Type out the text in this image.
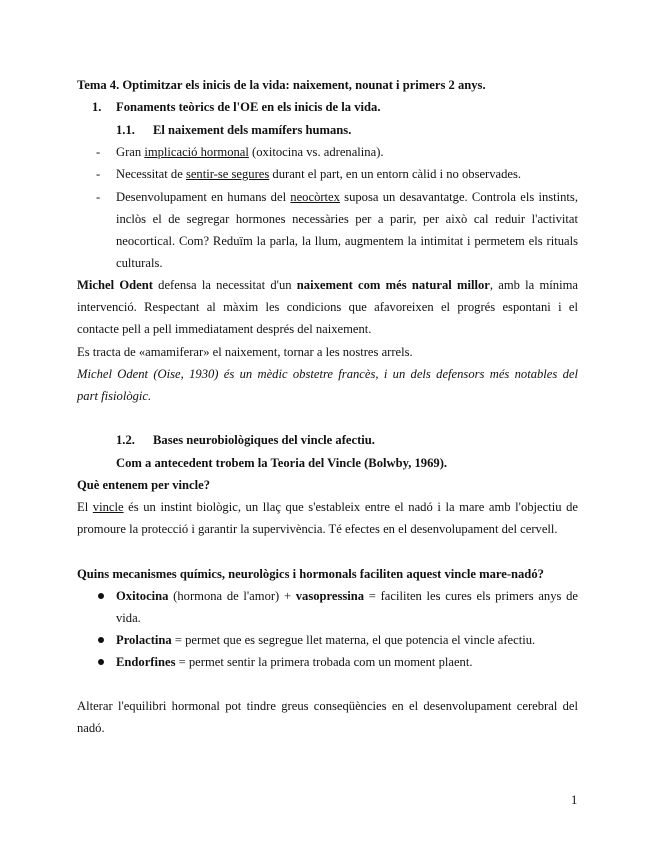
Tema 4. Optimitzar els inicis de la vida: naixement, nounat i primers 2 anys.
1. Fonaments teòrics de l'OE en els inicis de la vida.
1.1. El naixement dels mamífers humans.
- Gran implicació hormonal (oxitocina vs. adrenalina).
- Necessitat de sentir-se segures durant el part, en un entorn càlid i no observades.
- Desenvolupament en humans del neocòrtex suposa un desavantatge. Controla els instints,
inclòs el de segregar hormones necessàries per a parir, per això cal reduir l'activitat
neocortical. Com? Reduïm la parla, la llum, augmentem la intimitat i permetem els rituals
culturals.
Michel Odent defensa la necessitat d'un naixement com més natural millor, amb la mínima
intervenció. Respectant al màxim les condicions que afavoreixen el progrés espontani i el
contacte pell a pell immediatament després del naixement.
Es tracta de «amamiferar» el naixement, tornar a les nostres arrels.
Michel Odent (Oise, 1930) és un mèdic obstetre francès, i un dels defensors més notables del
part fisiològic.
1.2. Bases neurobiològiques del vincle afectiu.
Com a antecedent trobem la Teoria del Vincle (Bolwby, 1969).
Què entenem per vincle?
El vincle és un instint biològic, un llaç que s'estableix entre el nadó i la mare amb l'objectiu de
promoure la protecció i garantir la supervivència. Té efectes en el desenvolupament del cervell.
Quins mecanismes químics, neurològics i hormonals faciliten aquest vincle mare-nadó?
Oxitocina (hormona de l'amor) + vasopressina = faciliten les cures els primers anys de
vida.
Prolactina = permet que es segregue llet materna, el que potencia el vincle afectiu.
Endorfines = permet sentir la primera trobada com un moment plaent.
Alterar l'equilibri hormonal pot tindre greus conseqüències en el desenvolupament cerebral del
nadó.
1
